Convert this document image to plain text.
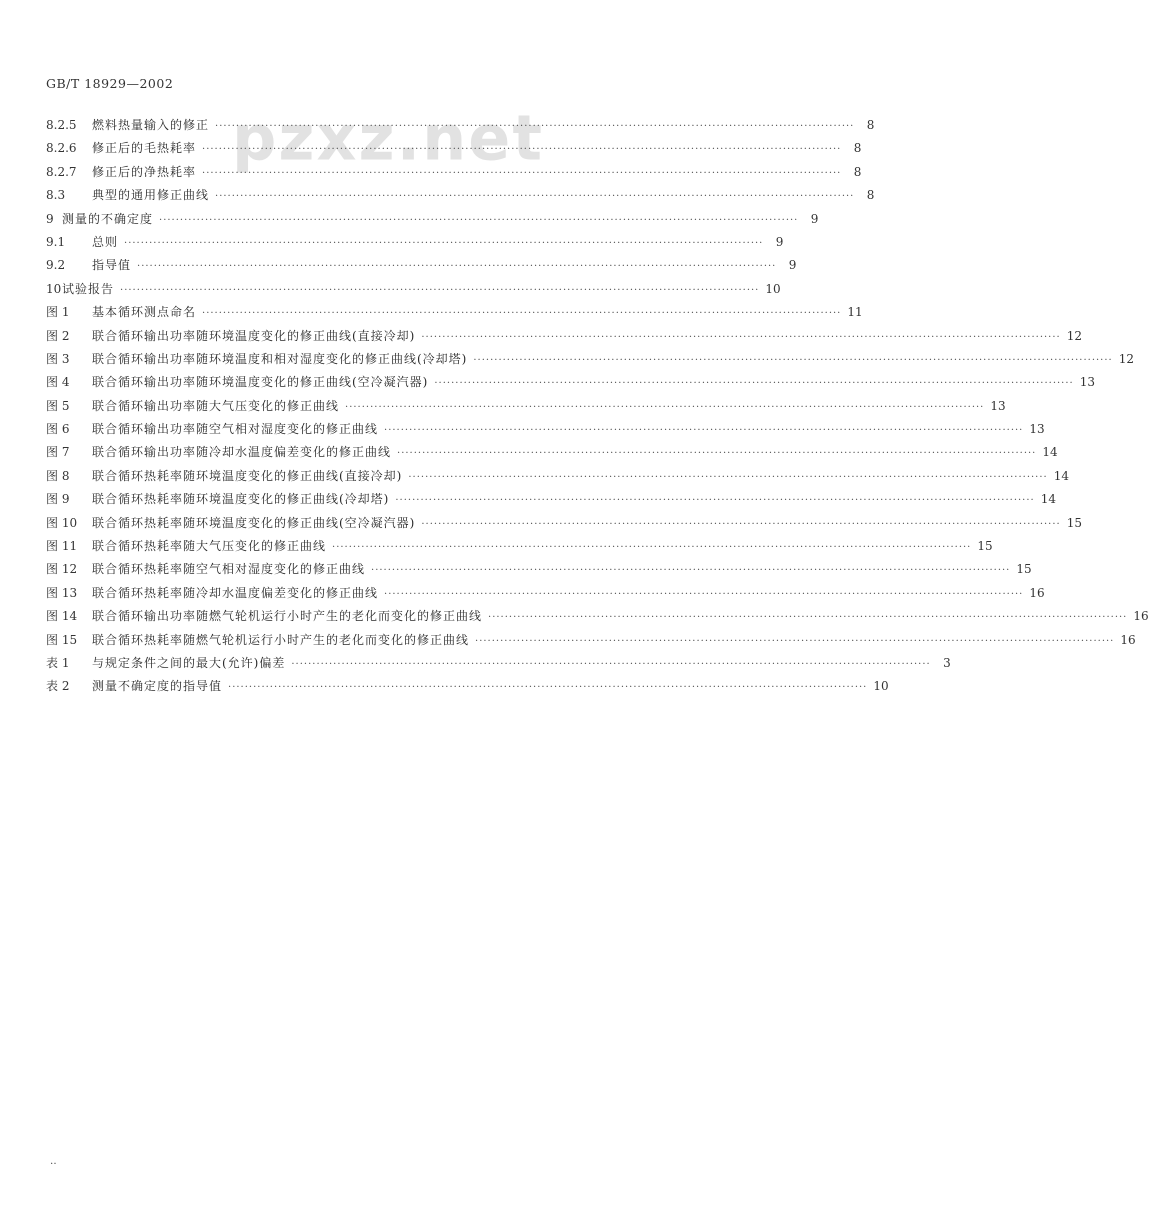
GB/T 18929—2002
pzxz.net
8.2.5	燃料热量输入的修正 ·····	8
8.2.6	修正后的毛热耗率 ·····	8
8.2.7	修正后的净热耗率 ·····	8
8.3	典型的通用修正曲线 ·····	8
9 测量的不确定度 ·····	9
9.1	总则 ·····	9
9.2	指导值 ·····	9
10 试验报告 ·····	10
图 1	基本循环测点命名 ·····	11
图 2	联合循环输出功率随环境温度变化的修正曲线(直接冷却) ·····	12
图 3	联合循环输出功率随环境温度和相对湿度变化的修正曲线(冷却塔) ·····	12
图 4	联合循环输出功率随环境温度变化的修正曲线(空冷凝汽器) ·····	13
图 5	联合循环输出功率随大气压变化的修正曲线 ·····	13
图 6	联合循环输出功率随空气相对湿度变化的修正曲线 ·····	13
图 7	联合循环输出功率随冷却水温度偏差变化的修正曲线 ·····	14
图 8	联合循环热耗率随环境温度变化的修正曲线(直接冷却) ·····	14
图 9	联合循环热耗率随环境温度变化的修正曲线(冷却塔) ·····	14
图 10	联合循环热耗率随环境温度变化的修正曲线(空冷凝汽器) ·····	15
图 11	联合循环热耗率随大气压变化的修正曲线 ·····	15
图 12	联合循环热耗率随空气相对湿度变化的修正曲线 ·····	15
图 13	联合循环热耗率随冷却水温度偏差变化的修正曲线 ·····	16
图 14	联合循环输出功率随燃气轮机运行小时产生的老化而变化的修正曲线 ·····	16
图 15	联合循环热耗率随燃气轮机运行小时产生的老化而变化的修正曲线 ·····	16
表 1	与规定条件之间的最大(允许)偏差 ·····	3
表 2	测量不确定度的指导值 ·····	10
‥
